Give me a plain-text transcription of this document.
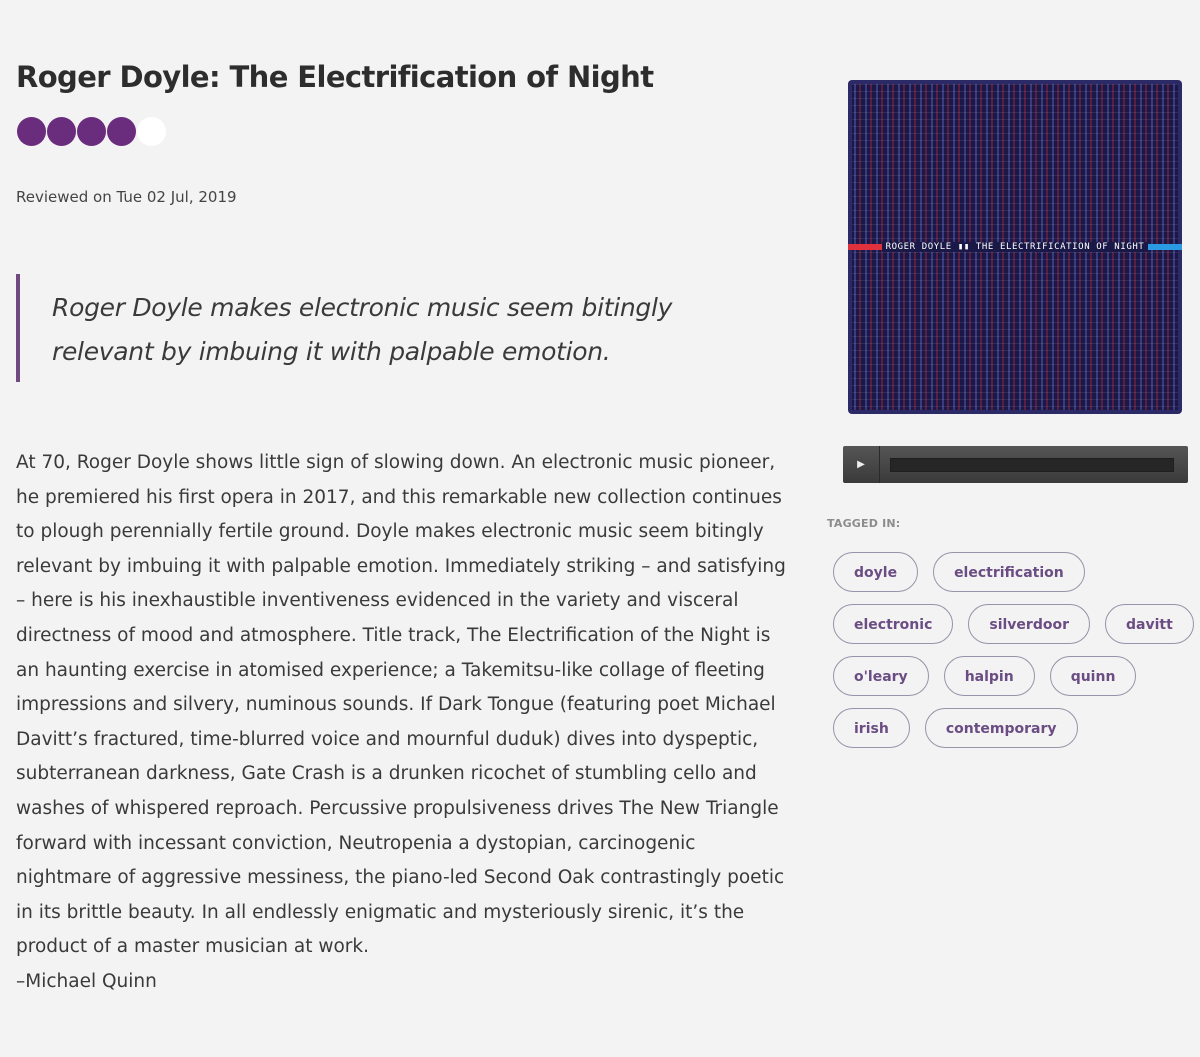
Roger Doyle: The Electrification of Night
Reviewed on Tue 02 Jul, 2019

Roger Doyle makes electronic music seem bitingly relevant by imbuing it with palpable emotion.

At 70, Roger Doyle shows little sign of slowing down. An electronic music pioneer, he premiered his first opera in 2017, and this remarkable new collection continues to plough perennially fertile ground. Doyle makes electronic music seem bitingly relevant by imbuing it with palpable emotion. Immediately striking – and satisfying – here is his inexhaustible inventiveness evidenced in the variety and visceral directness of mood and atmosphere. Title track, The Electrification of the Night is an haunting exercise in atomised experience; a Takemitsu-like collage of fleeting impressions and silvery, numinous sounds. If Dark Tongue (featuring poet Michael Davitt’s fractured, time-blurred voice and mournful duduk) dives into dyspeptic, subterranean darkness, Gate Crash is a drunken ricochet of stumbling cello and washes of whispered reproach. Percussive propulsiveness drives The New Triangle forward with incessant conviction, Neutropenia a dystopian, carcinogenic nightmare of aggressive messiness, the piano-led Second Oak contrastingly poetic in its brittle beauty. In all endlessly enigmatic and mysteriously sirenic, it’s the product of a master musician at work.
–Michael Quinn
ROGER DOYLE ▮▮ THE ELECTRIFICATION OF NIGHT
▶
TAGGED IN:
doyle	electrification
electronic	silverdoor	davitt
o'leary	halpin	quinn
irish	contemporary
